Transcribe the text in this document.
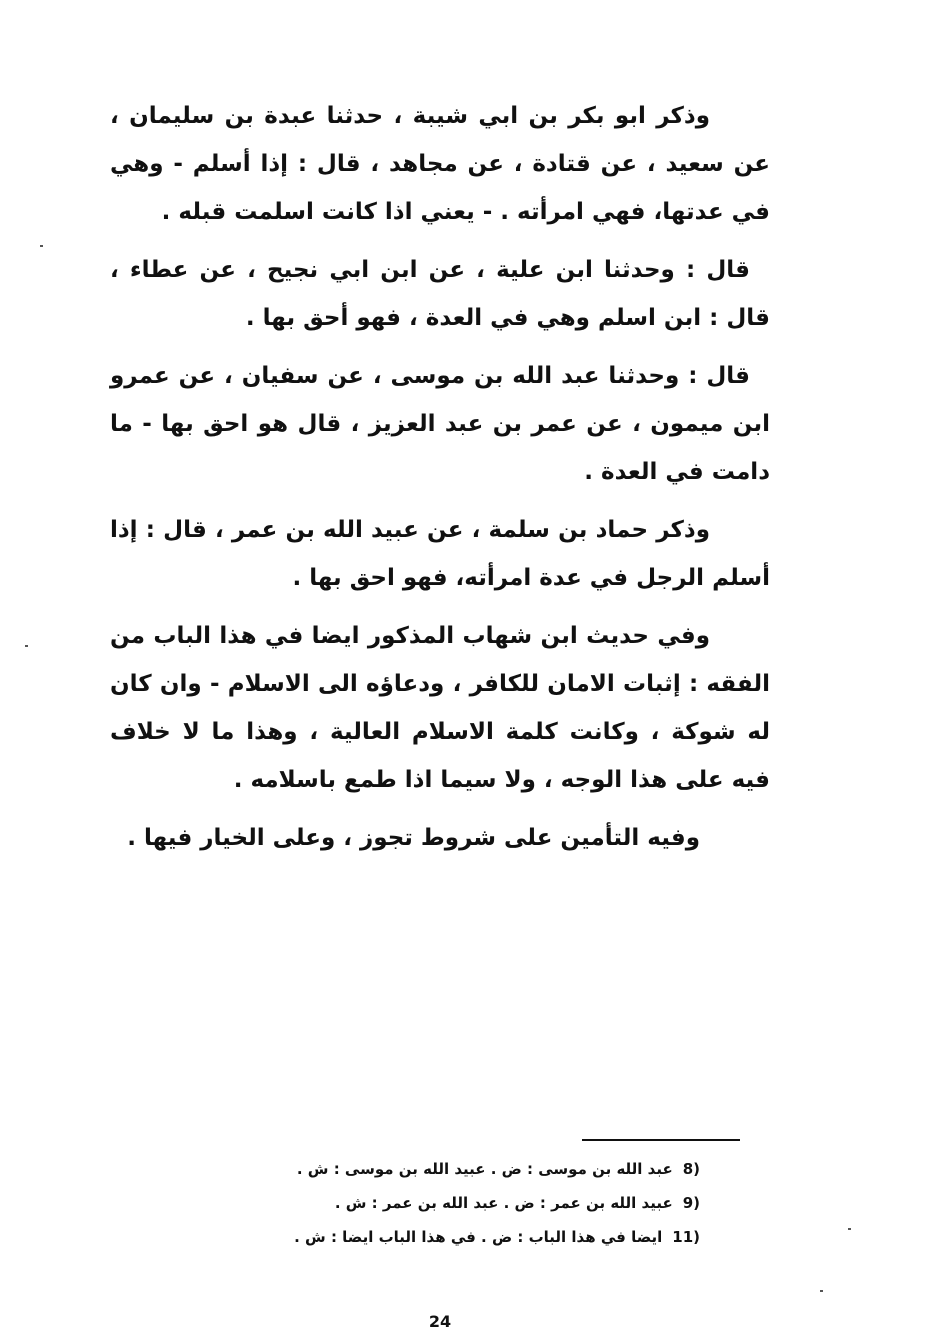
وذكر ابو بكر بن ابي شيبة ، حدثنا عبدة بن سليمان ، عن سعيد ، عن قتادة ، عن مجاهد ، قال : إذا أسلم - وهي في عدتها، فهي امرأته . - يعني اذا كانت اسلمت قبله .

قال : وحدثنا ابن علية ، عن ابن ابي نجيح ، عن عطاء ، قال : ابن اسلم وهي في العدة ، فهو أحق بها .

قال : وحدثنا عبد الله بن موسى ، عن سفيان ، عن عمرو ابن ميمون ، عن عمر بن عبد العزيز ، قال هو احق بها - ما دامت في العدة .

وذكر حماد بن سلمة ، عن عبيد الله بن عمر ، قال : إذا أسلم الرجل في عدة امرأته، فهو احق بها .

وفي حديث ابن شهاب المذكور ايضا في هذا الباب من الفقه : إثبات الامان للكافر ، ودعاؤه الى الاسلام - وان كان له شوكة ، وكانت كلمة الاسلام العالية ، وهذا ما لا خلاف فيه على هذا الوجه ، ولا سيما اذا طمع باسلامه .

وفيه التأمين على شروط تجوز ، وعلى الخيار فيها .

8)عبد الله بن موسى : ض . عبيد الله بن موسى : ش .
9)عبيد الله بن عمر : ض . عبد الله بن عمر : ش .
11)ايضا في هذا الباب : ض . في هذا الباب ايضا : ش .
24
